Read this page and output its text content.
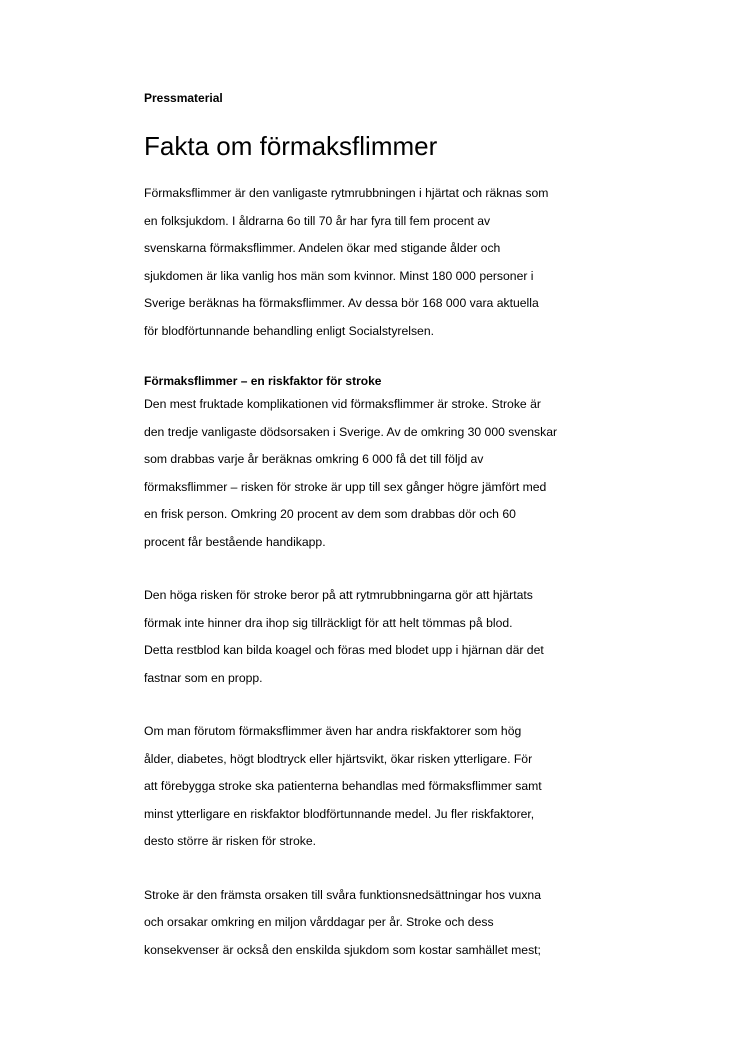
Pressmaterial

Fakta om förmaksflimmer

Förmaksflimmer är den vanligaste rytmrubbningen i hjärtat och räknas som
en folksjukdom. I åldrarna 6o till 70 år har fyra till fem procent av
svenskarna förmaksflimmer. Andelen ökar med stigande ålder och
sjukdomen är lika vanlig hos män som kvinnor. Minst 180 000 personer i
Sverige beräknas ha förmaksflimmer. Av dessa bör 168 000 vara aktuella
för blodförtunnande behandling enligt Socialstyrelsen.

Förmaksflimmer – en riskfaktor för stroke

Den mest fruktade komplikationen vid förmaksflimmer är stroke. Stroke är
den tredje vanligaste dödsorsaken i Sverige. Av de omkring 30 000 svenskar
som drabbas varje år beräknas omkring 6 000 få det till följd av
förmaksflimmer – risken för stroke är upp till sex gånger högre jämfört med
en frisk person. Omkring 20 procent av dem som drabbas dör och 60
procent får bestående handikapp.

Den höga risken för stroke beror på att rytmrubbningarna gör att hjärtats
förmak inte hinner dra ihop sig tillräckligt för att helt tömmas på blod.
Detta restblod kan bilda koagel och föras med blodet upp i hjärnan där det
fastnar som en propp.

Om man förutom förmaksflimmer även har andra riskfaktorer som hög
ålder, diabetes, högt blodtryck eller hjärtsvikt, ökar risken ytterligare. För
att förebygga stroke ska patienterna behandlas med förmaksflimmer samt
minst ytterligare en riskfaktor blodförtunnande medel. Ju fler riskfaktorer,
desto större är risken för stroke.

Stroke är den främsta orsaken till svåra funktionsnedsättningar hos vuxna
och orsakar omkring en miljon vårddagar per år. Stroke och dess
konsekvenser är också den enskilda sjukdom som kostar samhället mest;
